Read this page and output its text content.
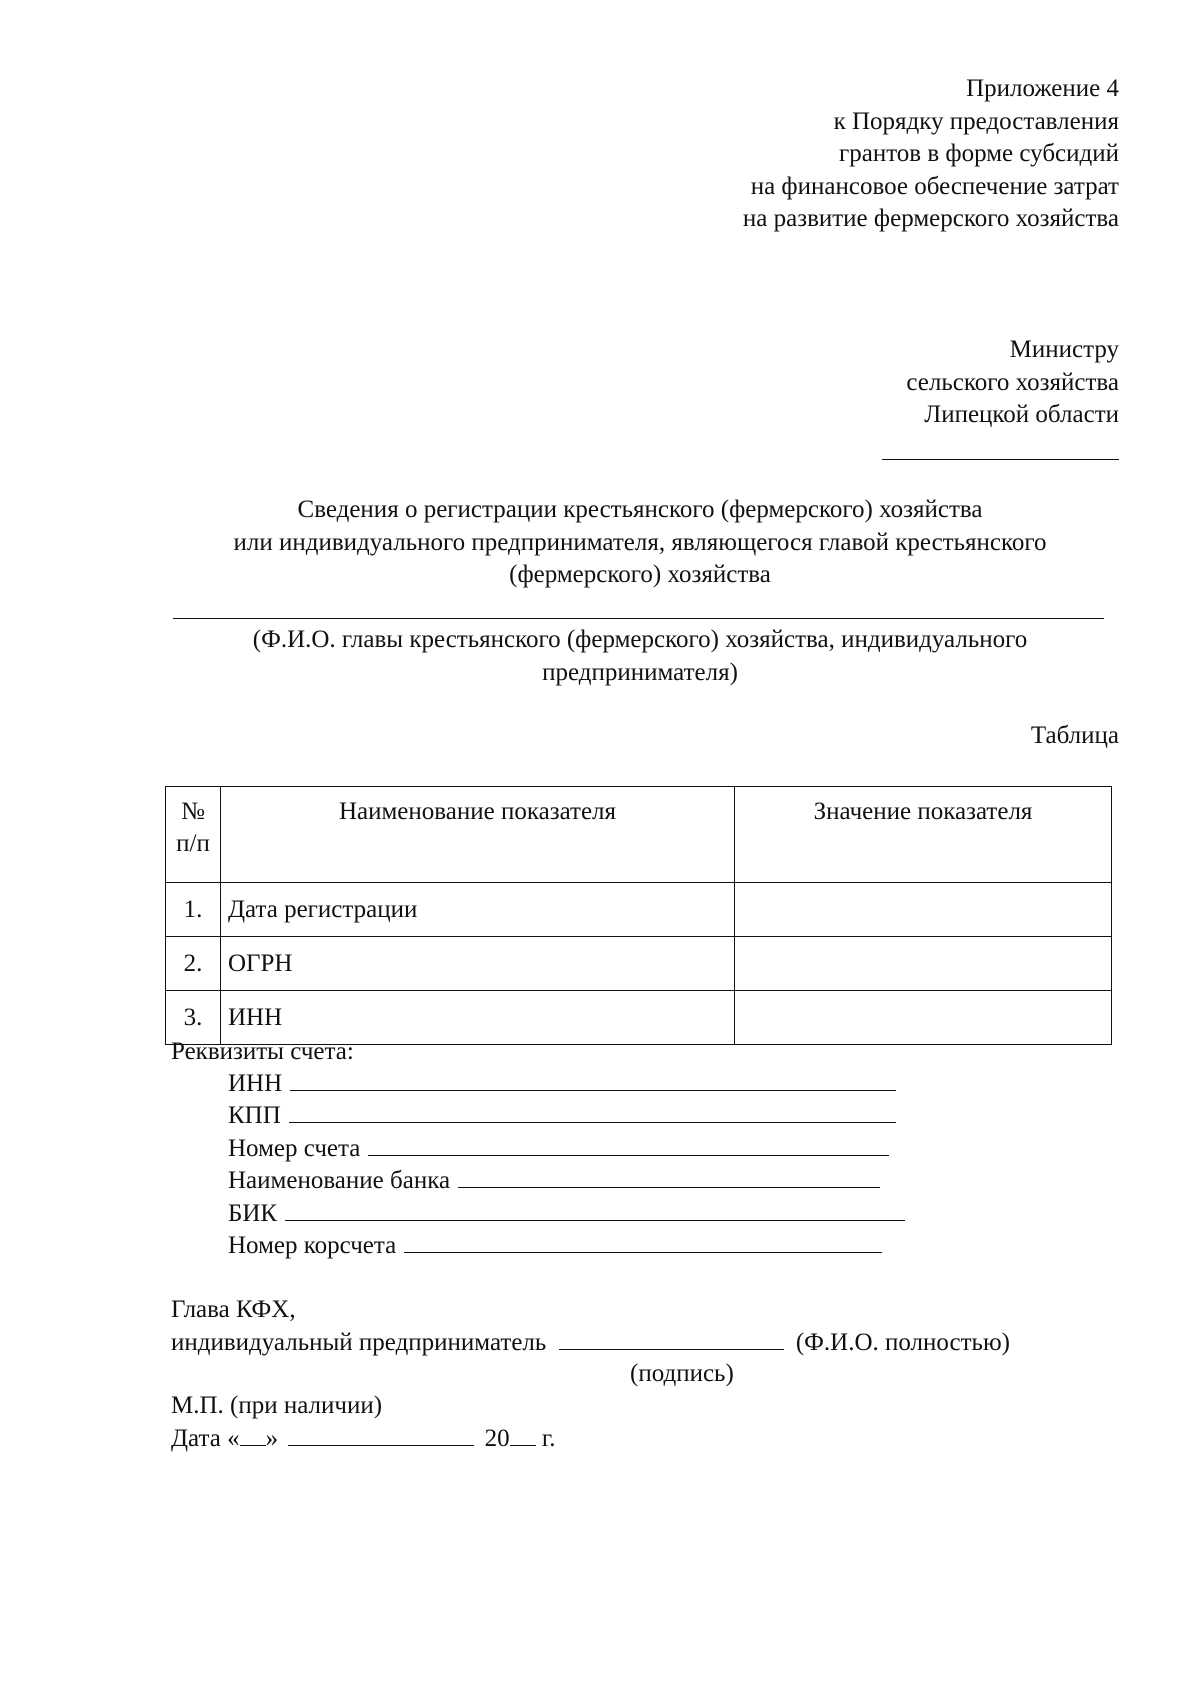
Приложение 4
к Порядку предоставления
грантов в форме субсидий
на финансовое обеспечение затрат
на развитие фермерского хозяйства
Министру
сельского хозяйства
Липецкой области
Сведения о регистрации крестьянского (фермерского) хозяйства
или индивидуального предпринимателя, являющегося главой крестьянского
(фермерского) хозяйства
(Ф.И.О. главы крестьянского (фермерского) хозяйства, индивидуального
предпринимателя)
Таблица
№
п/п	Наименование показателя	Значение показателя
1.	Дата регистрации	
2.	ОГРН	
3.	ИНН	
Реквизиты счета:
ИНН
КПП
Номер счета
Наименование банка
БИК
Номер корсчета
Глава КФХ,
индивидуальный предприниматель	(Ф.И.О. полностью)
(подпись)
М.П. (при наличии)
Дата « »	20 г.
